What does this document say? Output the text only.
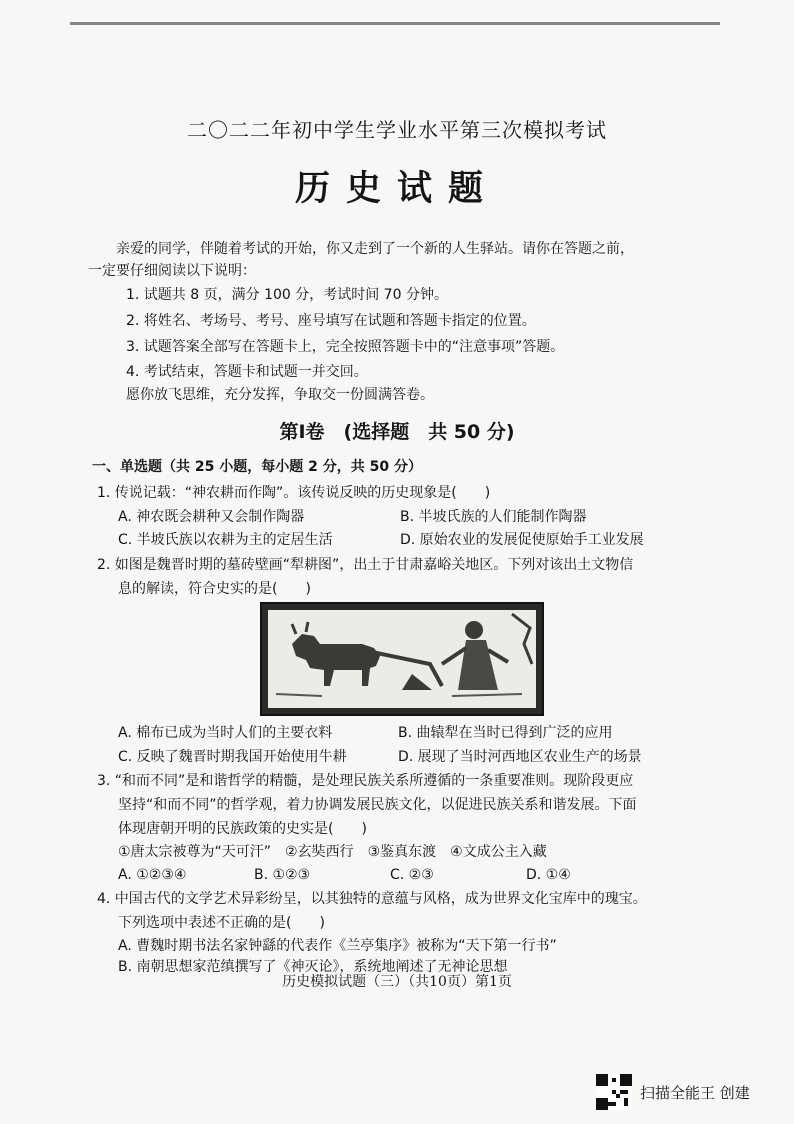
二〇二二年初中学生学业水平第三次模拟考试
历史试题
亲爱的同学，伴随着考试的开始，你又走到了一个新的人生驿站。请你在答题之前，
一定要仔细阅读以下说明：
1. 试题共 8 页，满分 100 分，考试时间 70 分钟。
2. 将姓名、考场号、考号、座号填写在试题和答题卡指定的位置。
3. 试题答案全部写在答题卡上，完全按照答题卡中的“注意事项”答题。
4. 考试结束，答题卡和试题一并交回。
愿你放飞思维，充分发挥，争取交一份圆满答卷。
第Ⅰ卷　(选择题　共 50 分)
一、单选题（共 25 小题，每小题 2 分，共 50 分）
1. 传说记载：“神农耕而作陶”。该传说反映的历史现象是(　　)
A. 神农既会耕种又会制作陶器	B. 半坡氏族的人们能制作陶器
C. 半坡氏族以农耕为主的定居生活	D. 原始农业的发展促使原始手工业发展
2. 如图是魏晋时期的墓砖壁画“犁耕图”，出土于甘肃嘉峪关地区。下列对该出土文物信
息的解读，符合史实的是(　　)
A. 棉布已成为当时人们的主要衣料	B. 曲辕犁在当时已得到广泛的应用
C. 反映了魏晋时期我国开始使用牛耕	D. 展现了当时河西地区农业生产的场景
3. “和而不同”是和谐哲学的精髓，是处理民族关系所遵循的一条重要准则。现阶段更应
坚持“和而不同”的哲学观，着力协调发展民族文化，以促进民族关系和谐发展。下面
体现唐朝开明的民族政策的史实是(　　)
①唐太宗被尊为“天可汗”　②玄奘西行　③鉴真东渡　④文成公主入藏
A. ①②③④	B. ①②③	C. ②③	D. ①④
4. 中国古代的文学艺术异彩纷呈，以其独特的意蕴与风格，成为世界文化宝库中的瑰宝。
下列选项中表述不正确的是(　　)
A. 曹魏时期书法名家钟繇的代表作《兰亭集序》被称为“天下第一行书”
B. 南朝思想家范缜撰写了《神灭论》，系统地阐述了无神论思想
历史模拟试题（三）（共10页）第1页
扫描全能王 创建
